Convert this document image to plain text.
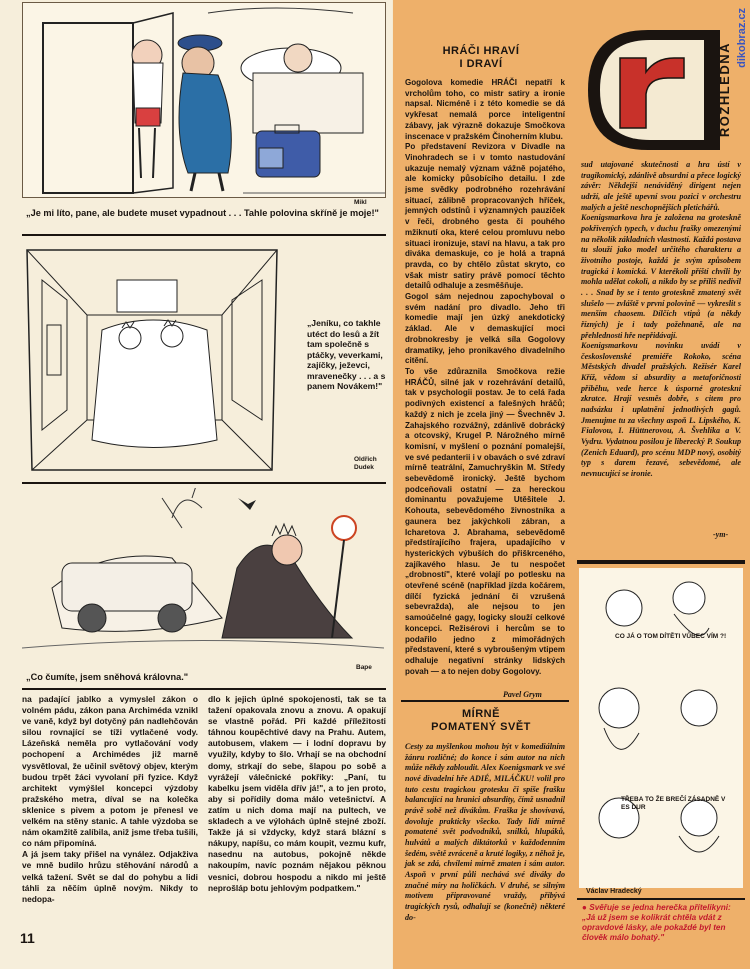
Mikl
„Je mi líto, pane, ale budete muset vypadnout . . . Tahle polovina skříně je moje!"
„Jeníku, co takhle utéct do lesů a žít tam společně s ptáčky, veverkami, zajíčky, ježevci, mravenečky . . . a s panem Novákem!"
Oldřich Dudek
Bape
„Co čumíte, jsem sněhová královna."
na padající jablko a vymyslel zákon o volném pádu, zákon pana Archiméda vznikl ve vaně, když byl dotyčný pán nadlehčován silou rovnající se tíži vytlačené vody. Lázeňská neměla pro vytlačování vody pochopení a Archimédes již marně vysvětloval, že učinil světový objev, kterým budou trpět žáci vyvolaní při fyzice. Když architekt vymýšlel koncepci výzdoby pražského metra, díval se na kolečka sklenice s pivem a potom je přenesl ve velkém na stěny stanic. A tahle výzdoba se nám okamžitě zalíbila, aniž jsme třeba tušili, co nám připomíná.
A já jsem taky přišel na vynález. Odjakživa ve mně budilo hrůzu stěhování národů a velká tažení. Svět se dal do pohybu a lidi táhli za něčím úplně novým. Nikdy to nedopa-
dlo k jejich úplné spokojenosti, tak se ta tažení opakovala znovu a znovu. A opakují se vlastně pořád. Při každé příležitosti táhnou koupěchtivé davy na Prahu. Autem, autobusem, vlakem — i lodní dopravu by využily, kdyby to šlo. Vrhají se na obchodní domy, strkají do sebe, šlapou po sobě a vyrážejí válečnické pokřiky: „Paní, tu kabelku jsem viděla dřív já!", a to jen proto, aby si pořídily doma málo vetešnictví. A zatím u nich doma mají na pultech, ve skladech a ve výlohách úplně stejné zboží. Takže já si vždycky, když stará blázní s nákupy, napíšu, co mám koupit, vezmu kufr, nasednu na autobus, pokojně někde nakoupím, navíc poznám nějakou pěknou vesnici, dobrou hospodu a nikdo mi ještě neprošláp botu jehlovým podpatkem."
11
dikobraz.cz
ROZHLEDNA
HRÁČI HRAVÍ
I DRAVÍ
Gogolova komedie HRÁČI nepatří k vrcholům toho, co mistr satiry a ironie napsal. Nicméně i z této komedie se dá vykřesat nemalá porce inteligentní zábavy, jak výrazně dokazuje Smočkova inscenace v pražském Činoherním klubu.
Po představení Revizora v Divadle na Vinohradech se i v tomto nastudování ukazuje nemalý význam vážně pojatého, ale komicky působícího detailu. I zde jsme svědky podrobného rozehrávání situací, zálibně propracovaných hříček, jemných odstínů i významných pauziček v řeči, drobného gesta či pouhého mžiknutí oka, které celou promluvu nebo situaci ironizuje, staví na hlavu, a tak pro diváka demaskuje, co je holá a trapná pravda, co by chtělo zůstat skryto, co však mistr satiry právě pomocí těchto detailů odhaluje a zesměšňuje.
Gogol sám nejednou zapochyboval o svém nadání pro divadlo. Jeho tři komedie mají jen úzký anekdotický základ. Ale v demaskující moci drobnokresby je velká síla Gogolovy dramatiky, jeho pronikavého divadelního citění.
To vše zdůraznila Smočkova režie HRÁČŮ, silné jak v rozehrávání detailů, tak v psychologii postav. Je to celá řada podivných existencí a falešných hráčů; každý z nich je zcela jiný — Švechněv J. Zahajského rozvážný, zdánlivě dobrácký a otcovský, Krugel P. Nárožného mírně komisní, v myšlení o poznání pomalejší, ve své pedanterii i v obavách o své zdraví mírně teatrální, Zamuchryškin M. Středy sebevědomě ironický. Ještě bychom podceňovali ostatní — za hereckou dominantu považujeme Utěšitele J. Kohouta, sebevědomého živnostníka a gaunera bez jakýchkoli zábran, a Icharetova J. Abrahama, sebevědomě předstírajícího frajera, upadajícího v hysterických výbuších do přiškrceného, zajíkavého hlasu. Je tu nespočet „drobností", které volají po potlesku na otevřené scéně (například jízda kočárem, dílčí fyzická jednání či vzrušená sebevražda), ale nejsou to jen samoúčelné gagy, logicky slouží celkové koncepci. Režisérovi i hercům se to podařilo jedno z mimořádných představení, které s vybroušeným vtipem odhaluje negativní stránky lidských povah — a to nejen doby Gogolovy.
Pavel Grym
MÍRNĚ
POMATENÝ SVĚT
Cesty za myšlenkou mohou být v komediálním žánru rozličné; do konce i sám autor na nich může někdy zabloudit. Alex Koenigsmark ve své nové divadelní hře ADIÉ, MILÁČKU! volil pro tuto cestu tragickou grotesku či spíše frašku balancující na hranici absurdity, čímž usnadnil právě sobě než divákům. Fraška je shovívavá, dovoluje prakticky všecko. Tady lidí mírně pomatené svět podvodníků, snílků, hlupáků, hulvátů a malých diktátorků v každodenním šedém, světě zvráceně a kruté logiky, z něhož je, jak se zdá, chvílemi mírně zmaten i sám autor. Aspoň v první půli nechává své diváky do značné míry na holičkách. V druhé, se silným motivem připravované vraždy, přibývá tragických rysů, odhalují se (konečně) některé do-
sud utajované skutečnosti a hra ústí v tragikomický, zdánlivě absurdní a přece logický závěr: Někdejší nenáviděný dirigent nejen udrží, ale ještě upevní svou pozici v orchestru malých a ještě neschopnějších pletichářů.
Koenigsmarkova hra je založena na groteskně pokřivených typech, v duchu frašky omezenými na několik základních vlastností. Každá postava tu slouží jako model určitého charakteru a životního postoje, každá je svým způsobem tragická i komická. V kterékoli příští chvíli by mohla udělat cokoli, a nikdo by se příliš nedivil . . . Snad by se i tento groteskně zmatený svět slušelo — zvláště v první polovině — vykreslit s menším chaosem. Dílčích vtipů (a někdy řízných) je i tady požehnaně, ale na přehlednosti hře nepřidávají.
Koenigsmarkovu novinku uvádí v československé premiéře Rokoko, scéna Městských divadel pražských. Režisér Karel Kříž, vědom si absurdity a metaforičnosti příběhu, vede herce k úsporné groteskní zkratce. Hrají vesměs dobře, s citem pro nadsázku i uplatnění jednotlivých gagů. Jmenujme tu za všechny aspoň L. Lipského, K. Fialovou, I. Hüttnerovou, A. Švehlíka a V. Vydru. Vydatnou posilou je liberecký P. Soukup (Zenich Eduard), pro scénu MDP nový, osobitý typ s darem řezavé, sebevědomé, ale nevnucující se ironie.
-ym-
CO JÁ O TOM DÍTĚTI VŮBEC VÍM ?!
TŘEBA TO ŽE BREČÍ ZÁSADNĚ V ES DUR
Václav Hradecký
● Svěřuje se jedna herečka přítelikyni: „Já už jsem se kolikrát chtěla vdát z opravdové lásky, ale pokaždé byl ten člověk málo bohatý."
